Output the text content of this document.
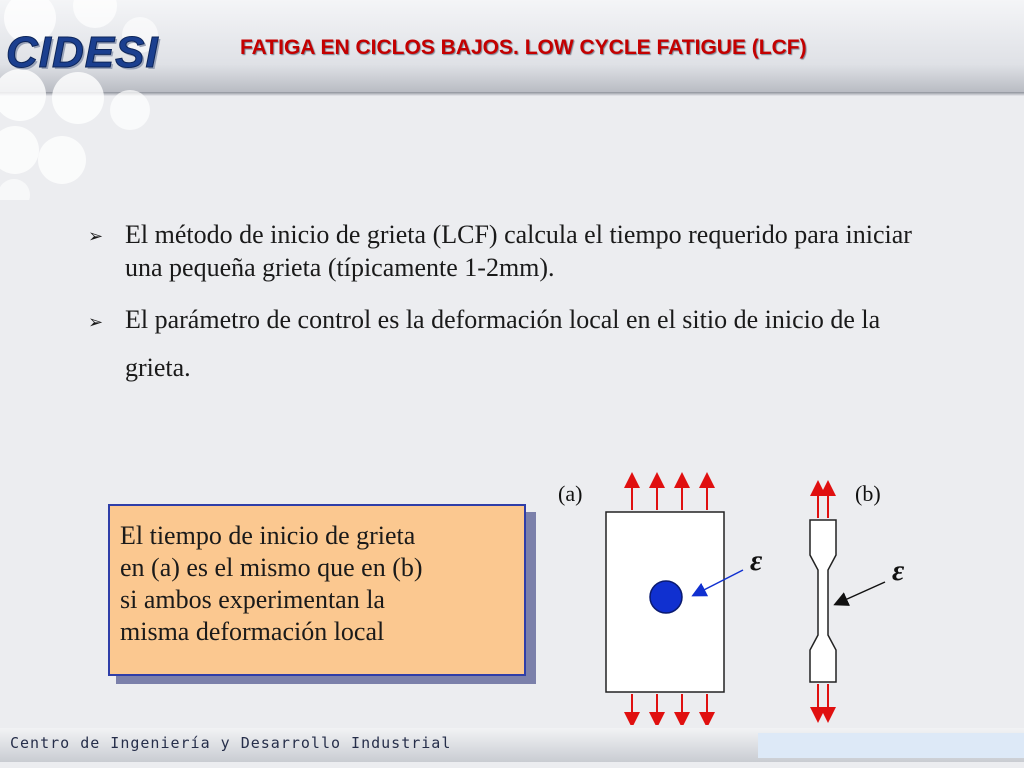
CIDESI	FATIGA EN CICLOS BAJOS. LOW CYCLE FATIGUE (LCF)
➢ El método de inicio de grieta (LCF) calcula el tiempo requerido para iniciar una pequeña grieta (típicamente 1-2mm).
➢ El parámetro de control es la deformación local en el sitio de inicio de la grieta.
El tiempo de inicio de grieta
en (a) es el mismo que en (b)
si ambos experimentan la
misma deformación local
(a)	(b)
ε	ε
Centro de Ingeniería y Desarrollo Industrial
